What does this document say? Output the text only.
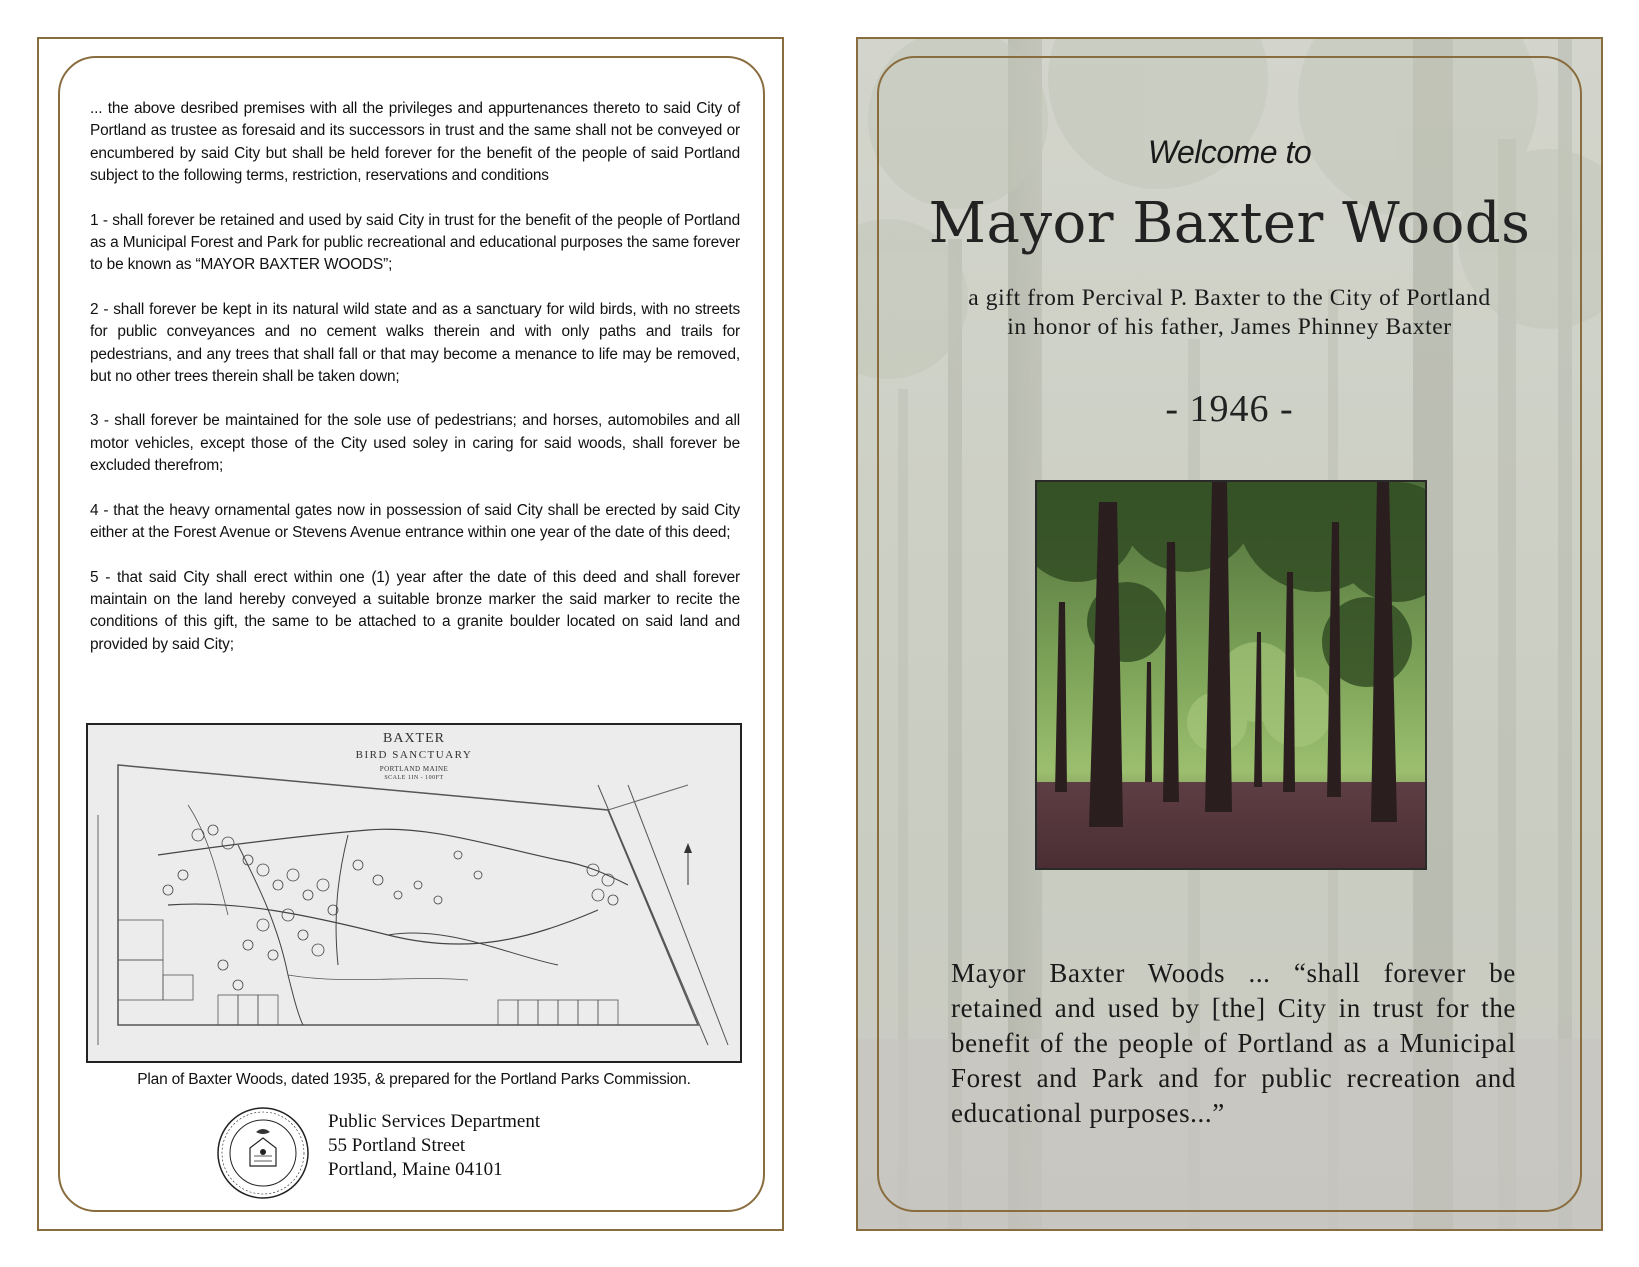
... the above desribed premises with all the privileges and appurtenances thereto to said City of Portland as trustee as foresaid and its successors in trust and the same shall not be conveyed or encumbered by said City but shall be held forever for the benefit of the people of said Portland subject to the following terms, restriction, reservations and conditions

1 - shall forever be retained and used by said City in trust for the benefit of the people of Portland as a Municipal Forest and Park for public recreational and educational purposes the same forever to be known as “MAYOR BAXTER WOODS”;

2 - shall forever be kept in its natural wild state and as a sanctuary for wild birds, with no streets for public conveyances and no cement walks therein and with only paths and trails for pedestrians, and any trees that shall fall or that may become a menance to life may be removed, but no other trees therein shall be taken down;

3 - shall forever be maintained for the sole use of pedestrians; and horses, automobiles and all motor vehicles, except those of the City used soley in caring for said woods, shall forever be excluded therefrom;

4 - that the heavy ornamental gates now in possession of said City shall be erected by said City either at the Forest Avenue or Stevens Avenue entrance within one year of the date of this deed;

5 - that said City shall erect within one (1) year after the date of this deed and shall forever maintain on the land hereby conveyed a suitable bronze marker the said marker to recite the conditions of this gift, the same to be attached to a granite boulder located on said land and provided by said City;

BAXTER
BIRD SANCTUARY
PORTLAND MAINE
SCALE 1IN - 100FT
Plan of Baxter Woods, dated 1935, & prepared for the Portland Parks Commission.
Public Services Department
55 Portland Street
Portland, Maine 04101
Welcome to
Mayor Baxter Woods
a gift from Percival P. Baxter to the City of Portland
in honor of his father, James Phinney Baxter
- 1946 -
Mayor Baxter Woods ... “shall forever be retained and used by [the] City in trust for the benefit of the people of Portland as a Municipal Forest and Park and for public recreation and educational purposes...”
